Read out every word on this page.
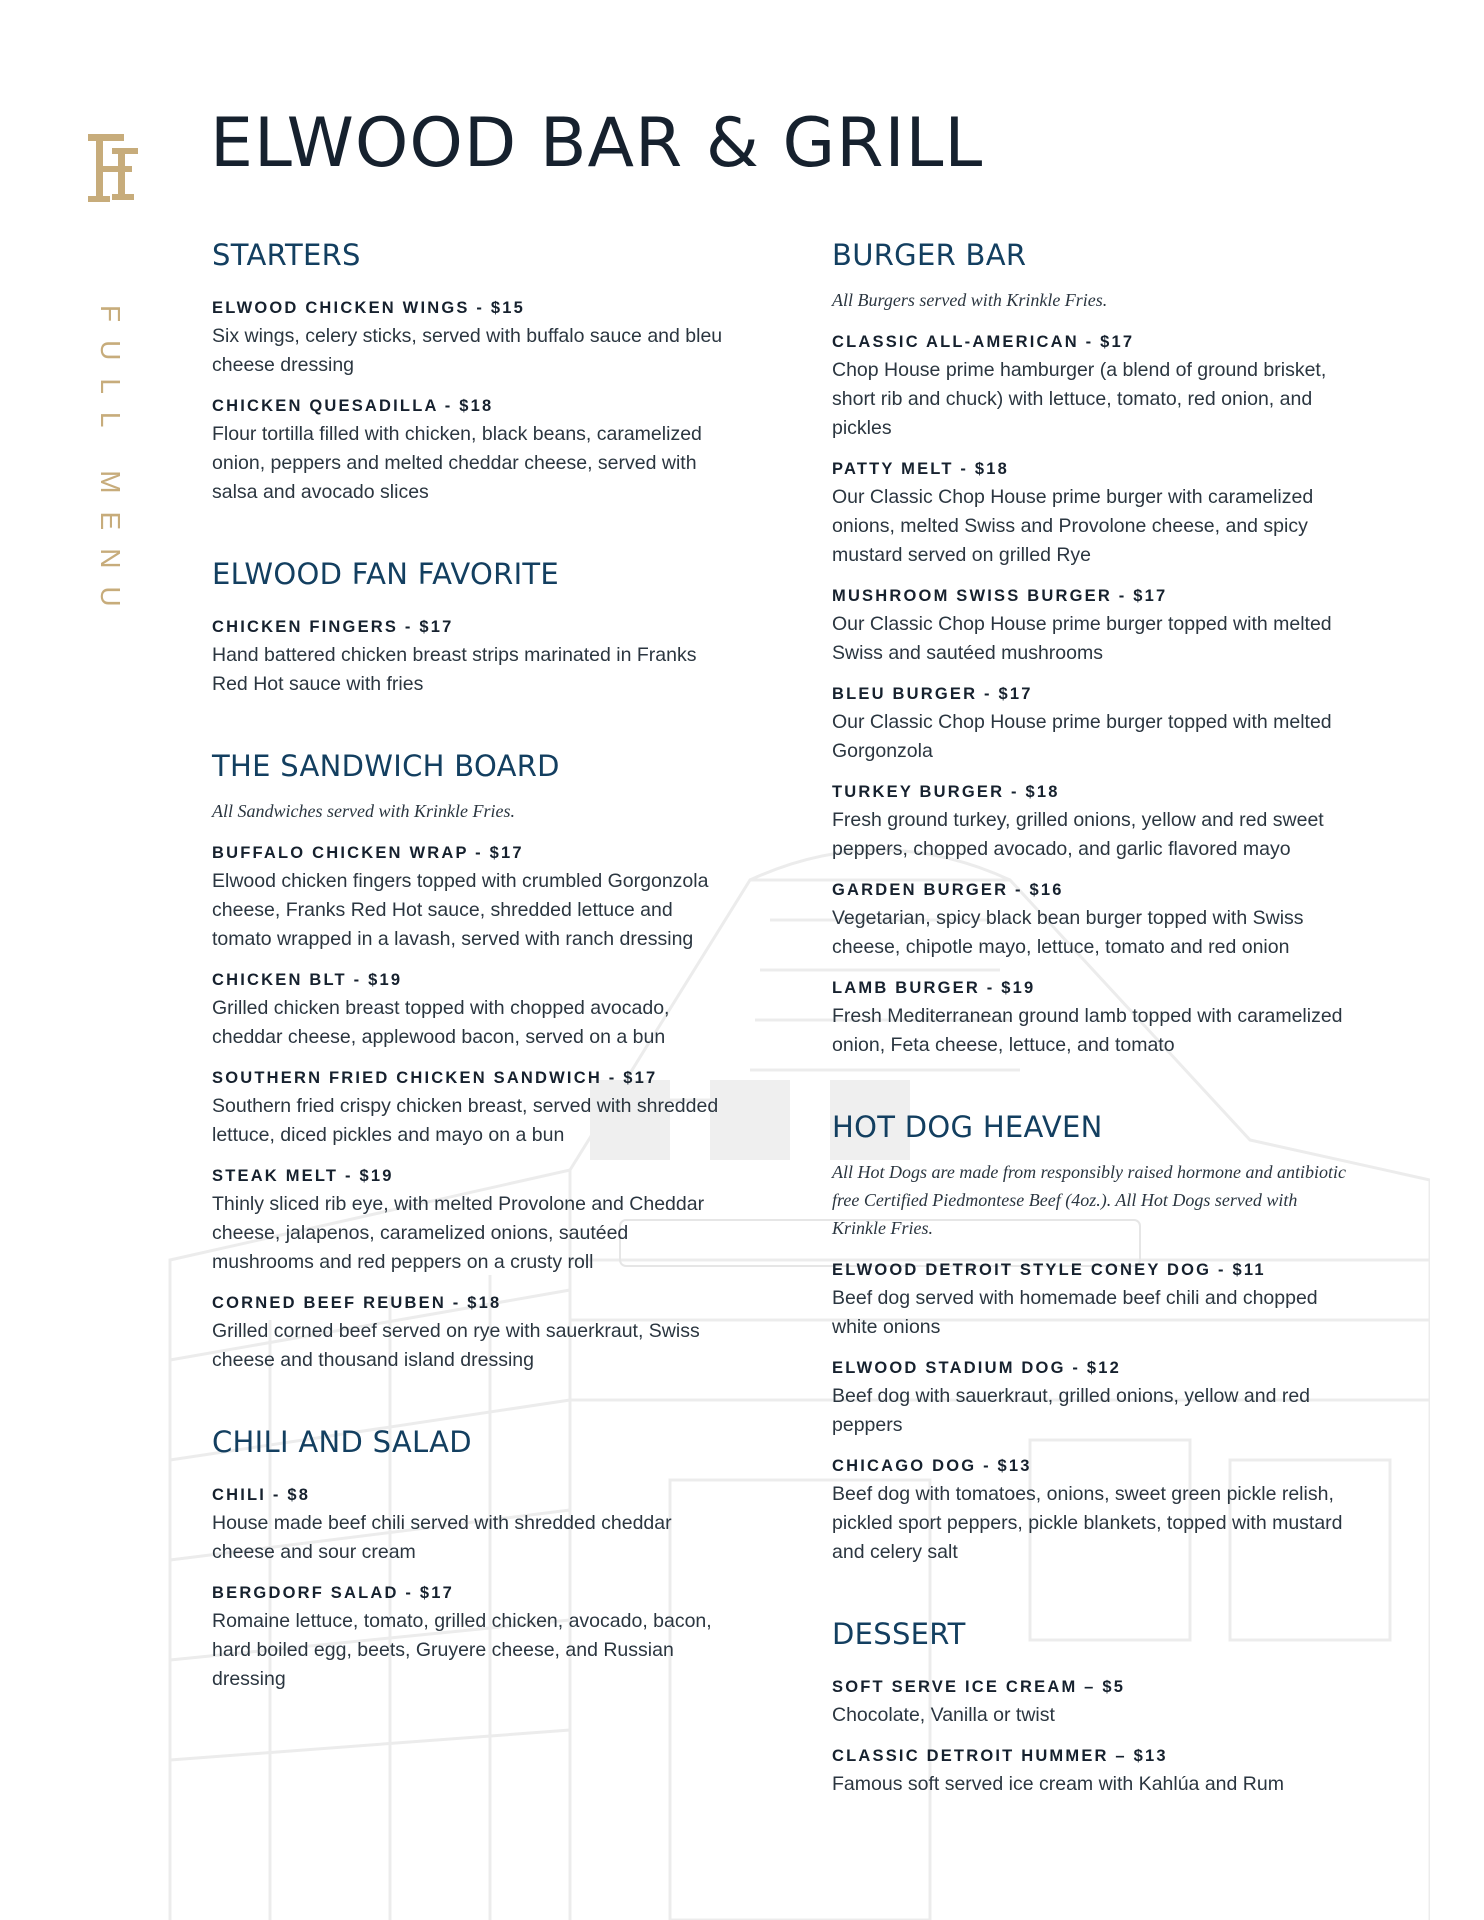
FULL MENU
ELWOOD BAR & GRILL
STARTERS
ELWOOD CHICKEN WINGS - $15
Six wings, celery sticks, served with buffalo sauce and bleu cheese dressing
CHICKEN QUESADILLA - $18
Flour tortilla filled with chicken, black beans, caramelized onion, peppers and melted cheddar cheese, served with salsa and avocado slices
ELWOOD FAN FAVORITE
CHICKEN FINGERS - $17
Hand battered chicken breast strips marinated in Franks Red Hot sauce with fries
THE SANDWICH BOARD
All Sandwiches served with Krinkle Fries.
BUFFALO CHICKEN WRAP - $17
Elwood chicken fingers topped with crumbled Gorgonzola cheese, Franks Red Hot sauce, shredded lettuce and tomato wrapped in a lavash, served with ranch dressing
CHICKEN BLT - $19
Grilled chicken breast topped with chopped avocado, cheddar cheese, applewood bacon, served on a bun
SOUTHERN FRIED CHICKEN SANDWICH - $17
Southern fried crispy chicken breast, served with shredded lettuce, diced pickles and mayo on a bun
STEAK MELT - $19
Thinly sliced rib eye, with melted Provolone and Cheddar cheese, jalapenos, caramelized onions, sautéed mushrooms and red peppers on a crusty roll
CORNED BEEF REUBEN - $18
Grilled corned beef served on rye with sauerkraut, Swiss cheese and thousand island dressing
CHILI AND SALAD
CHILI - $8
House made beef chili served with shredded cheddar cheese and sour cream
BERGDORF SALAD - $17
Romaine lettuce, tomato, grilled chicken, avocado, bacon, hard boiled egg, beets, Gruyere cheese, and Russian dressing
BURGER BAR
All Burgers served with Krinkle Fries.
CLASSIC ALL-AMERICAN - $17
Chop House prime hamburger (a blend of ground brisket, short rib and chuck) with lettuce, tomato, red onion, and pickles
PATTY MELT - $18
Our Classic Chop House prime burger with caramelized onions, melted Swiss and Provolone cheese, and spicy mustard served on grilled Rye
MUSHROOM SWISS BURGER - $17
Our Classic Chop House prime burger topped with melted Swiss and sautéed mushrooms
BLEU BURGER - $17
Our Classic Chop House prime burger topped with melted Gorgonzola
TURKEY BURGER - $18
Fresh ground turkey, grilled onions, yellow and red sweet peppers, chopped avocado, and garlic flavored mayo
GARDEN BURGER - $16
Vegetarian, spicy black bean burger topped with Swiss cheese, chipotle mayo, lettuce, tomato and red onion
LAMB BURGER - $19
Fresh Mediterranean ground lamb topped with caramelized onion, Feta cheese, lettuce, and tomato
HOT DOG HEAVEN
All Hot Dogs are made from responsibly raised hormone and antibiotic free Certified Piedmontese Beef (4oz.). All Hot Dogs served with Krinkle Fries.
ELWOOD DETROIT STYLE CONEY DOG - $11
Beef dog served with homemade beef chili and chopped white onions
ELWOOD STADIUM DOG - $12
Beef dog with sauerkraut, grilled onions, yellow and red peppers
CHICAGO DOG - $13
Beef dog with tomatoes, onions, sweet green pickle relish, pickled sport peppers, pickle blankets, topped with mustard and celery salt
DESSERT
SOFT SERVE ICE CREAM – $5
Chocolate, Vanilla or twist
CLASSIC DETROIT HUMMER – $13
Famous soft served ice cream with Kahlúa and Rum
